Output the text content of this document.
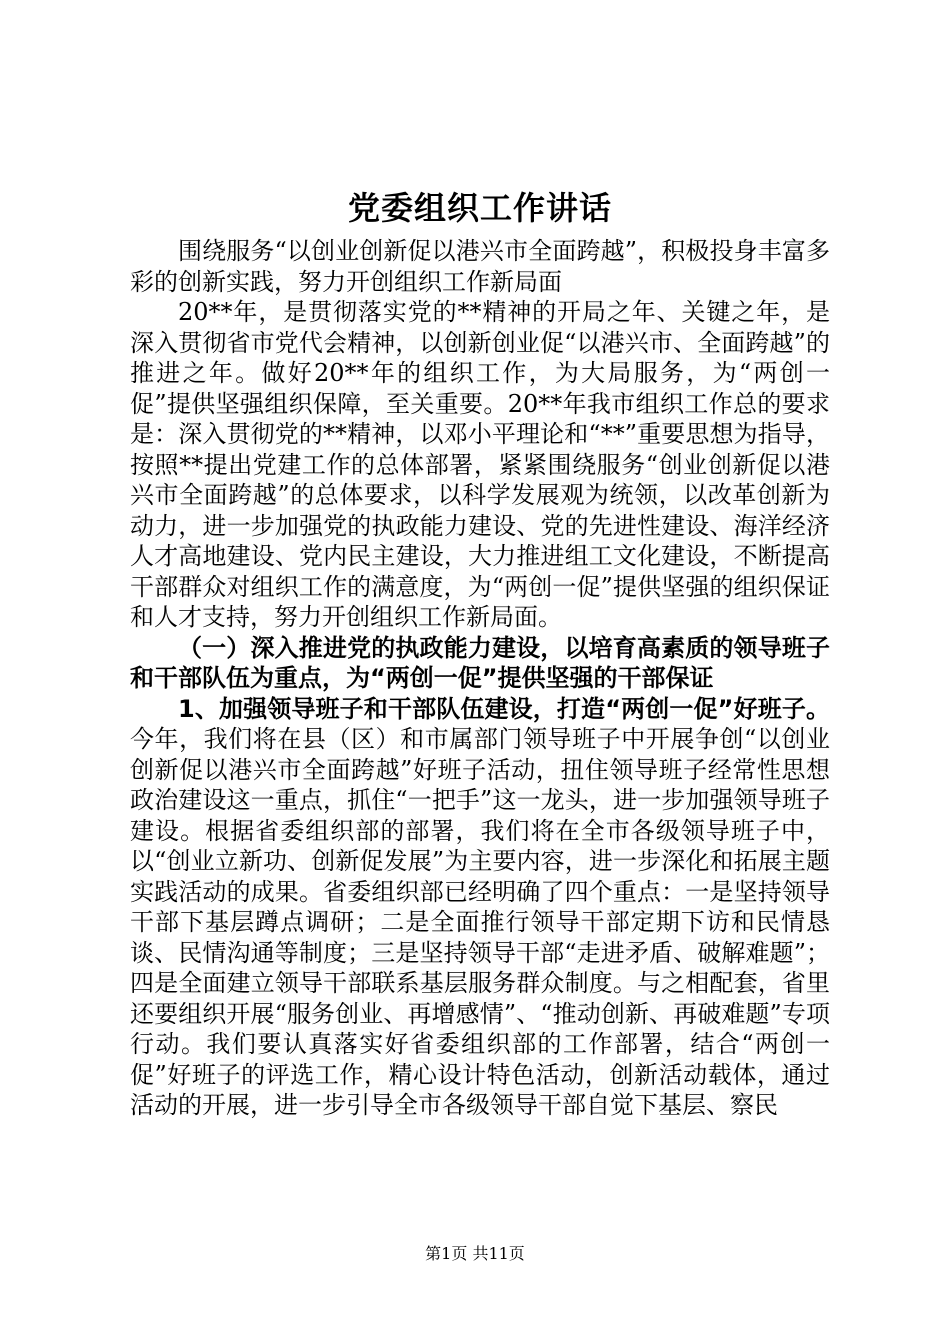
党委组织工作讲话

围绕服务“以创业创新促以港兴市全面跨越”，积极投身丰富多彩的创新实践，努力开创组织工作新局面

20**年，是贯彻落实党的**精神的开局之年、关键之年，是深入贯彻省市党代会精神，以创新创业促“以港兴市、全面跨越”的推进之年。做好20**年的组织工作，为大局服务，为“两创一促”提供坚强组织保障，至关重要。20**年我市组织工作总的要求是：深入贯彻党的**精神，以邓小平理论和“**”重要思想为指导，按照**提出党建工作的总体部署，紧紧围绕服务“创业创新促以港兴市全面跨越”的总体要求，以科学发展观为统领，以改革创新为动力，进一步加强党的执政能力建设、党的先进性建设、海洋经济人才高地建设、党内民主建设，大力推进组工文化建设，不断提高干部群众对组织工作的满意度，为“两创一促”提供坚强的组织保证和人才支持，努力开创组织工作新局面。

（一）深入推进党的执政能力建设，以培育高素质的领导班子和干部队伍为重点，为“两创一促”提供坚强的干部保证

1、加强领导班子和干部队伍建设，打造“两创一促”好班子。今年，我们将在县（区）和市属部门领导班子中开展争创“以创业创新促以港兴市全面跨越”好班子活动，扭住领导班子经常性思想政治建设这一重点，抓住“一把手”这一龙头，进一步加强领导班子建设。根据省委组织部的部署，我们将在全市各级领导班子中，以“创业立新功、创新促发展”为主要内容，进一步深化和拓展主题实践活动的成果。省委组织部已经明确了四个重点：一是坚持领导干部下基层蹲点调研；二是全面推行领导干部定期下访和民情恳谈、民情沟通等制度；三是坚持领导干部“走进矛盾、破解难题”；四是全面建立领导干部联系基层服务群众制度。与之相配套，省里还要组织开展“服务创业、再增感情”、“推动创新、再破难题”专项行动。我们要认真落实好省委组织部的工作部署，结合“两创一促”好班子的评选工作，精心设计特色活动，创新活动载体，通过活动的开展，进一步引导全市各级领导干部自觉下基层、察民

第1页 共11页
